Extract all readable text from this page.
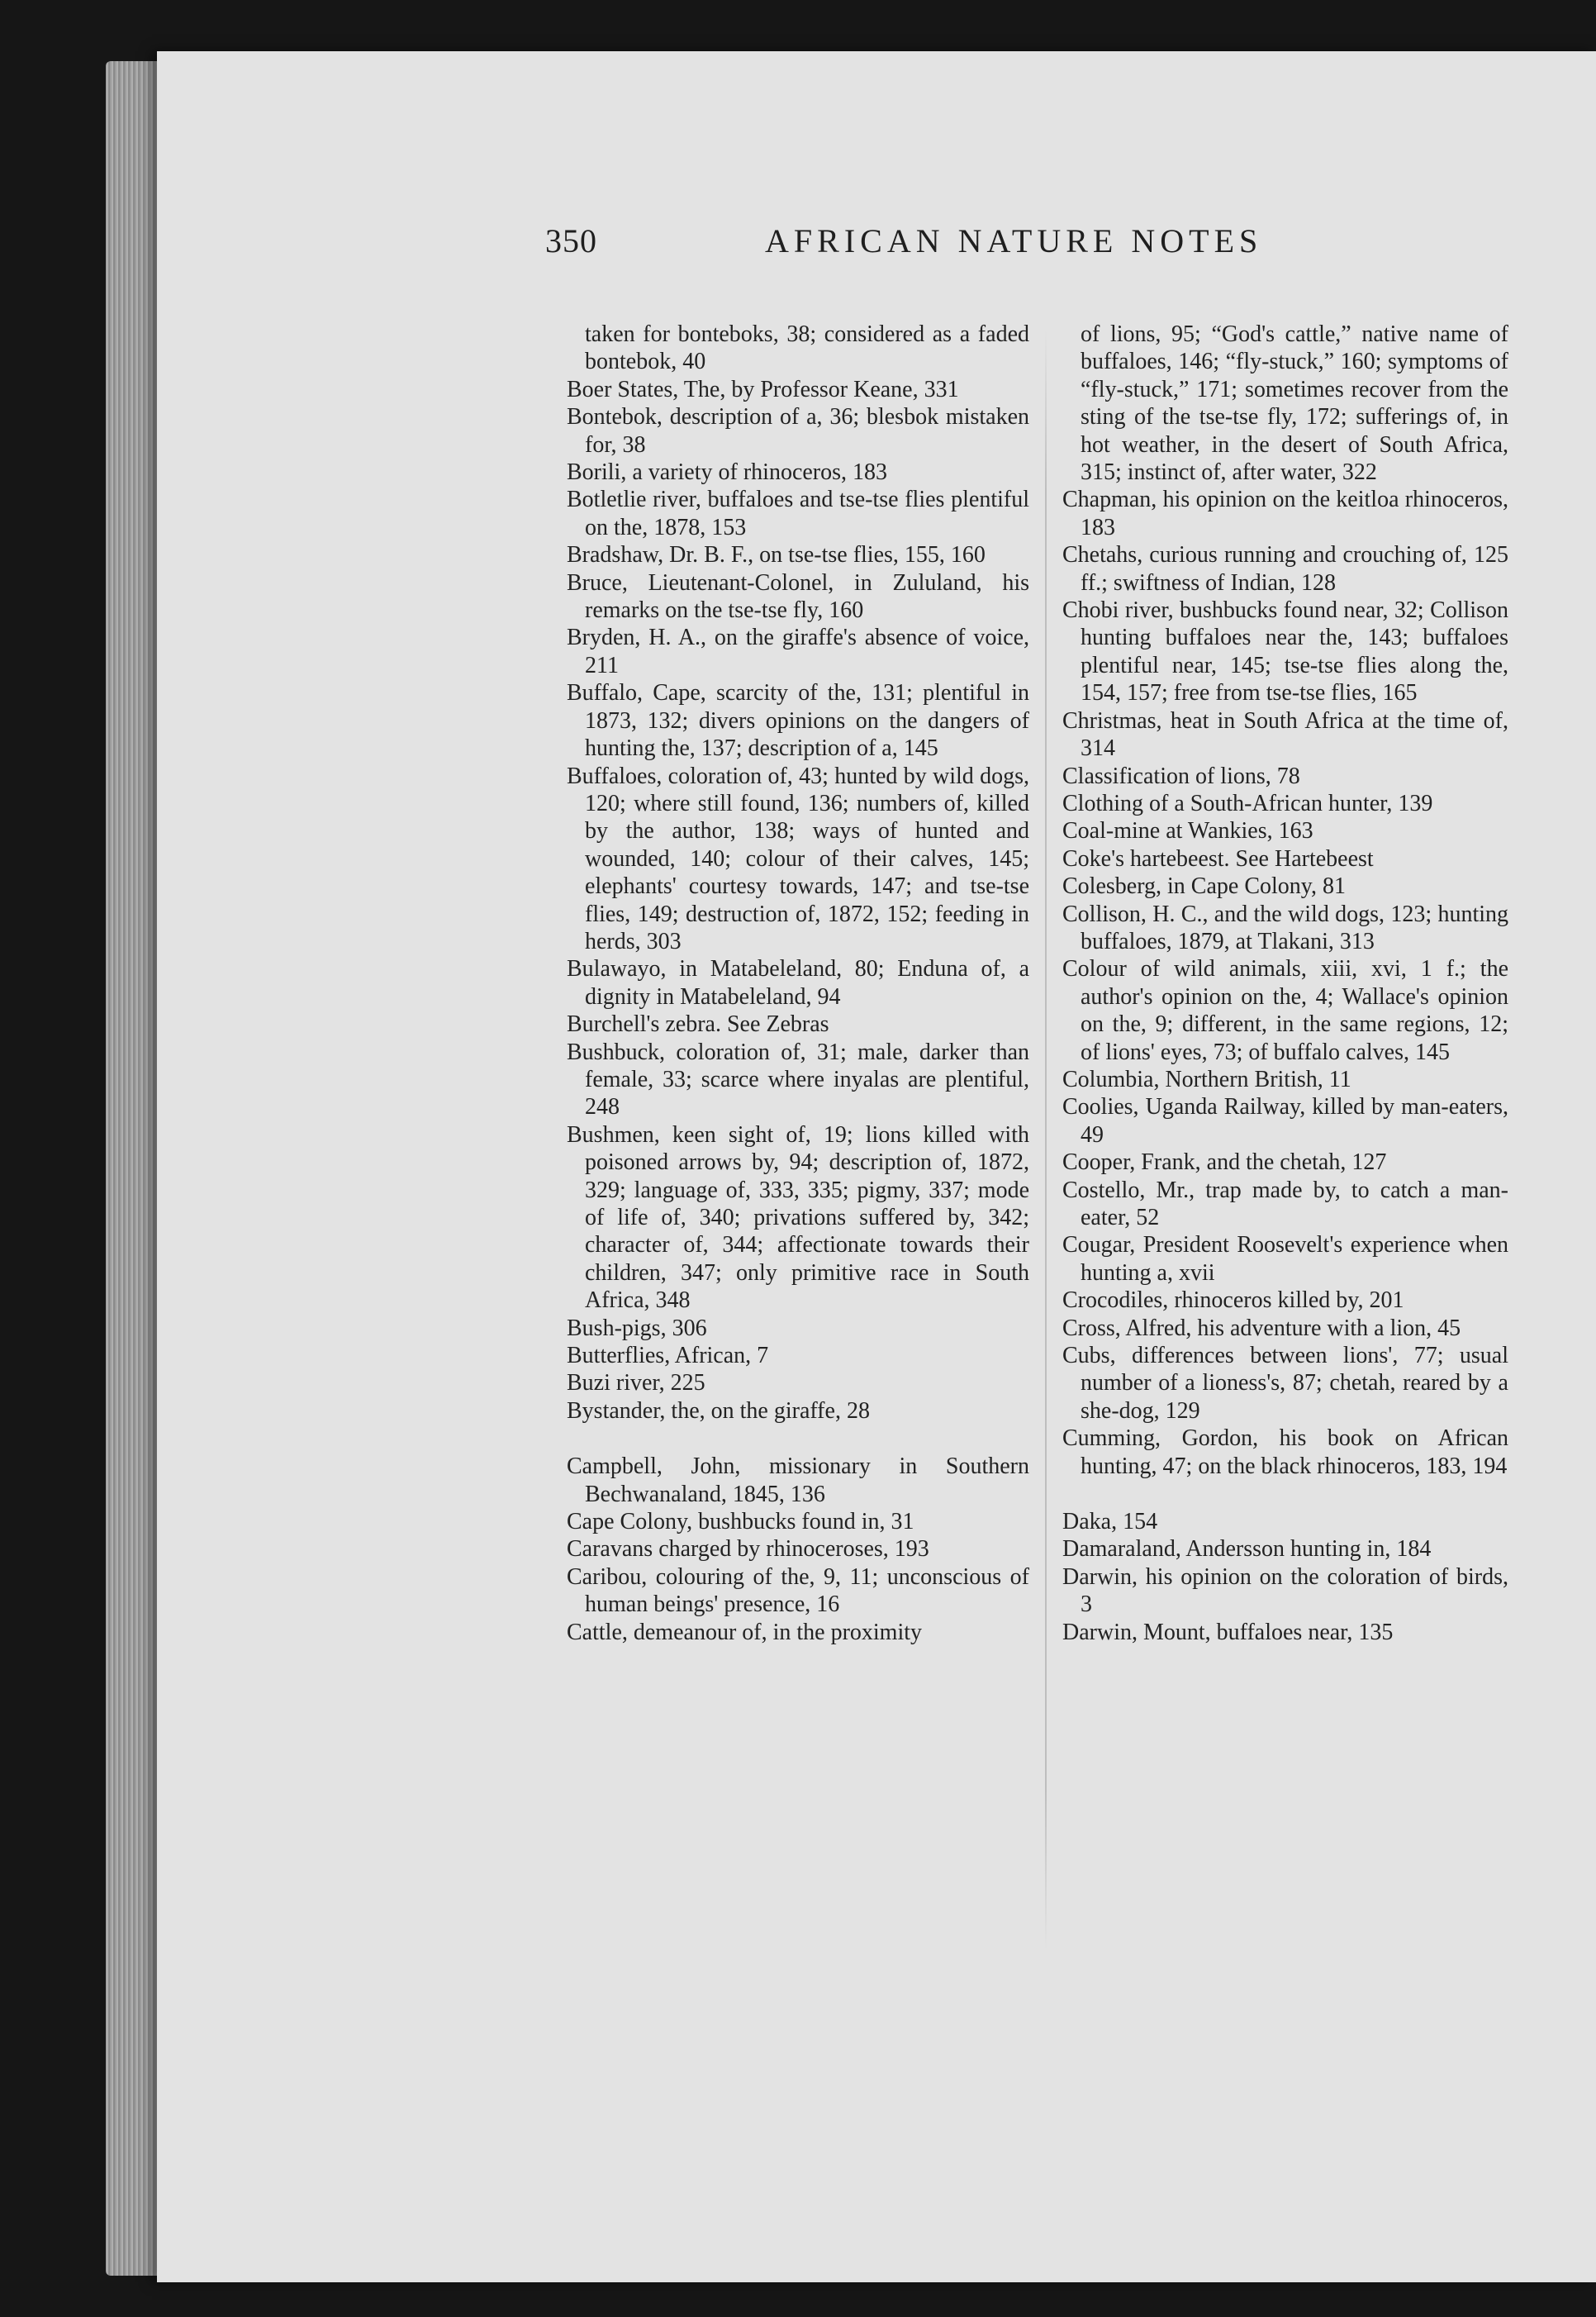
350	AFRICAN NATURE NOTES

taken for bonteboks, 38; considered as a faded bontebok, 40

Boer States, The, by Professor Keane, 331

Bontebok, description of a, 36; blesbok mistaken for, 38

Borili, a variety of rhinoceros, 183

Botletlie river, buffaloes and tse-tse flies plentiful on the, 1878, 153

Bradshaw, Dr. B. F., on tse-tse flies, 155, 160

Bruce, Lieutenant-Colonel, in Zululand, his remarks on the tse-tse fly, 160

Bryden, H. A., on the giraffe's absence of voice, 211

Buffalo, Cape, scarcity of the, 131; plentiful in 1873, 132; divers opinions on the dangers of hunting the, 137; description of a, 145

Buffaloes, coloration of, 43; hunted by wild dogs, 120; where still found, 136; numbers of, killed by the author, 138; ways of hunted and wounded, 140; colour of their calves, 145; elephants' courtesy towards, 147; and tse-tse flies, 149; destruction of, 1872, 152; feeding in herds, 303

Bulawayo, in Matabeleland, 80; Enduna of, a dignity in Matabeleland, 94

Burchell's zebra. See Zebras

Bushbuck, coloration of, 31; male, darker than female, 33; scarce where inyalas are plentiful, 248

Bushmen, keen sight of, 19; lions killed with poisoned arrows by, 94; description of, 1872, 329; language of, 333, 335; pigmy, 337; mode of life of, 340; privations suffered by, 342; character of, 344; affectionate towards their children, 347; only primitive race in South Africa, 348

Bush-pigs, 306

Butterflies, African, 7

Buzi river, 225

Bystander, the, on the giraffe, 28

Campbell, John, missionary in Southern Bechwanaland, 1845, 136

Cape Colony, bushbucks found in, 31

Caravans charged by rhinoceroses, 193

Caribou, colouring of the, 9, 11; unconscious of human beings' presence, 16

Cattle, demeanour of, in the proximity

of lions, 95; “God's cattle,” native name of buffaloes, 146; “fly-stuck,” 160; symptoms of “fly-stuck,” 171; sometimes recover from the sting of the tse-tse fly, 172; sufferings of, in hot weather, in the desert of South Africa, 315; instinct of, after water, 322

Chapman, his opinion on the keitloa rhinoceros, 183

Chetahs, curious running and crouching of, 125 ff.; swiftness of Indian, 128

Chobi river, bushbucks found near, 32; Collison hunting buffaloes near the, 143; buffaloes plentiful near, 145; tse-tse flies along the, 154, 157; free from tse-tse flies, 165

Christmas, heat in South Africa at the time of, 314

Classification of lions, 78

Clothing of a South-African hunter, 139

Coal-mine at Wankies, 163

Coke's hartebeest. See Hartebeest

Colesberg, in Cape Colony, 81

Collison, H. C., and the wild dogs, 123; hunting buffaloes, 1879, at Tlakani, 313

Colour of wild animals, xiii, xvi, 1 f.; the author's opinion on the, 4; Wallace's opinion on the, 9; different, in the same regions, 12; of lions' eyes, 73; of buffalo calves, 145

Columbia, Northern British, 11

Coolies, Uganda Railway, killed by man-eaters, 49

Cooper, Frank, and the chetah, 127

Costello, Mr., trap made by, to catch a man-eater, 52

Cougar, President Roosevelt's experience when hunting a, xvii

Crocodiles, rhinoceros killed by, 201

Cross, Alfred, his adventure with a lion, 45

Cubs, differences between lions', 77; usual number of a lioness's, 87; chetah, reared by a she-dog, 129

Cumming, Gordon, his book on African hunting, 47; on the black rhinoceros, 183, 194

Daka, 154

Damaraland, Andersson hunting in, 184

Darwin, his opinion on the coloration of birds, 3

Darwin, Mount, buffaloes near, 135
